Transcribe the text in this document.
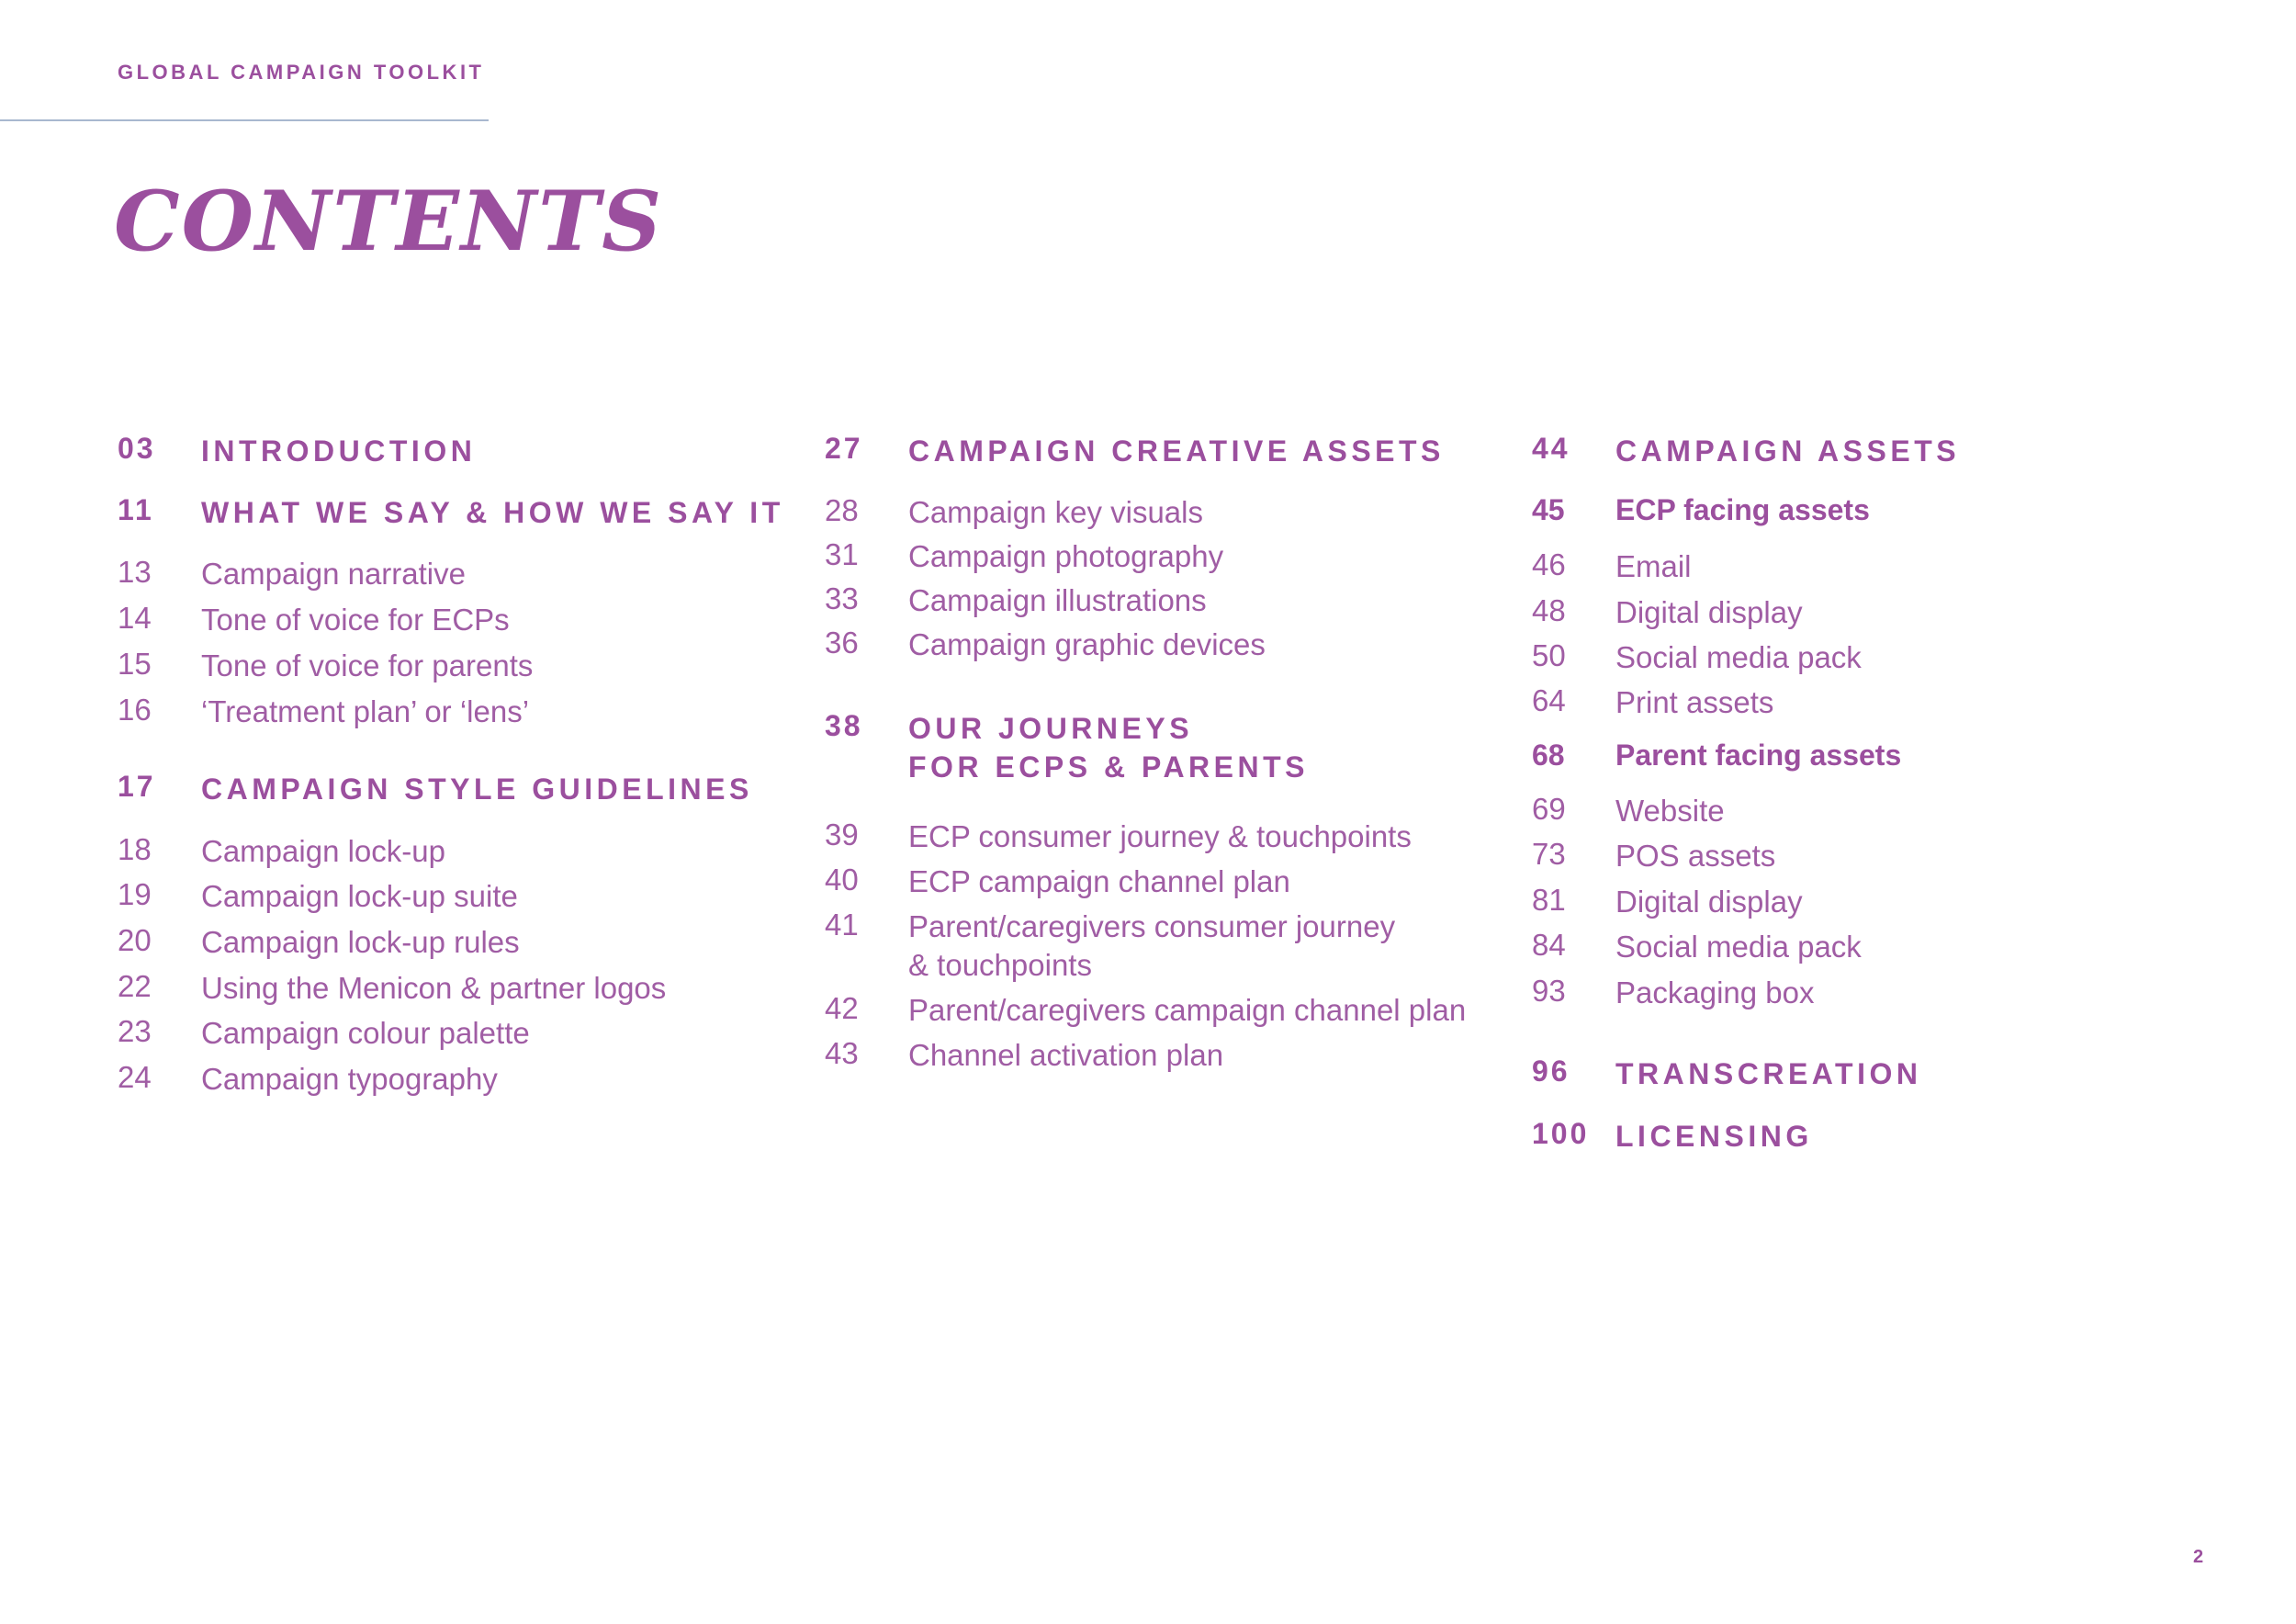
GLOBAL CAMPAIGN TOOLKIT
CONTENTS
03 INTRODUCTION
11 WHAT WE SAY & HOW WE SAY IT
13 Campaign narrative
14 Tone of voice for ECPs
15 Tone of voice for parents
16 ‘Treatment plan’ or ‘lens’
17 CAMPAIGN STYLE GUIDELINES
18 Campaign lock-up
19 Campaign lock-up suite
20 Campaign lock-up rules
22 Using the Menicon & partner logos
23 Campaign colour palette
24 Campaign typography
27 CAMPAIGN CREATIVE ASSETS
28 Campaign key visuals
31 Campaign photography
33 Campaign illustrations
36 Campaign graphic devices
38 OUR JOURNEYS
FOR ECPS & PARENTS
39 ECP consumer journey & touchpoints
40 ECP campaign channel plan
41 Parent/caregivers consumer journey
& touchpoints
42 Parent/caregivers campaign channel plan
43 Channel activation plan
44 CAMPAIGN ASSETS
45 ECP facing assets
46 Email
48 Digital display
50 Social media pack
64 Print assets
68 Parent facing assets
69 Website
73 POS assets
81 Digital display
84 Social media pack
93 Packaging box
96 TRANSCREATION
100 LICENSING
2
